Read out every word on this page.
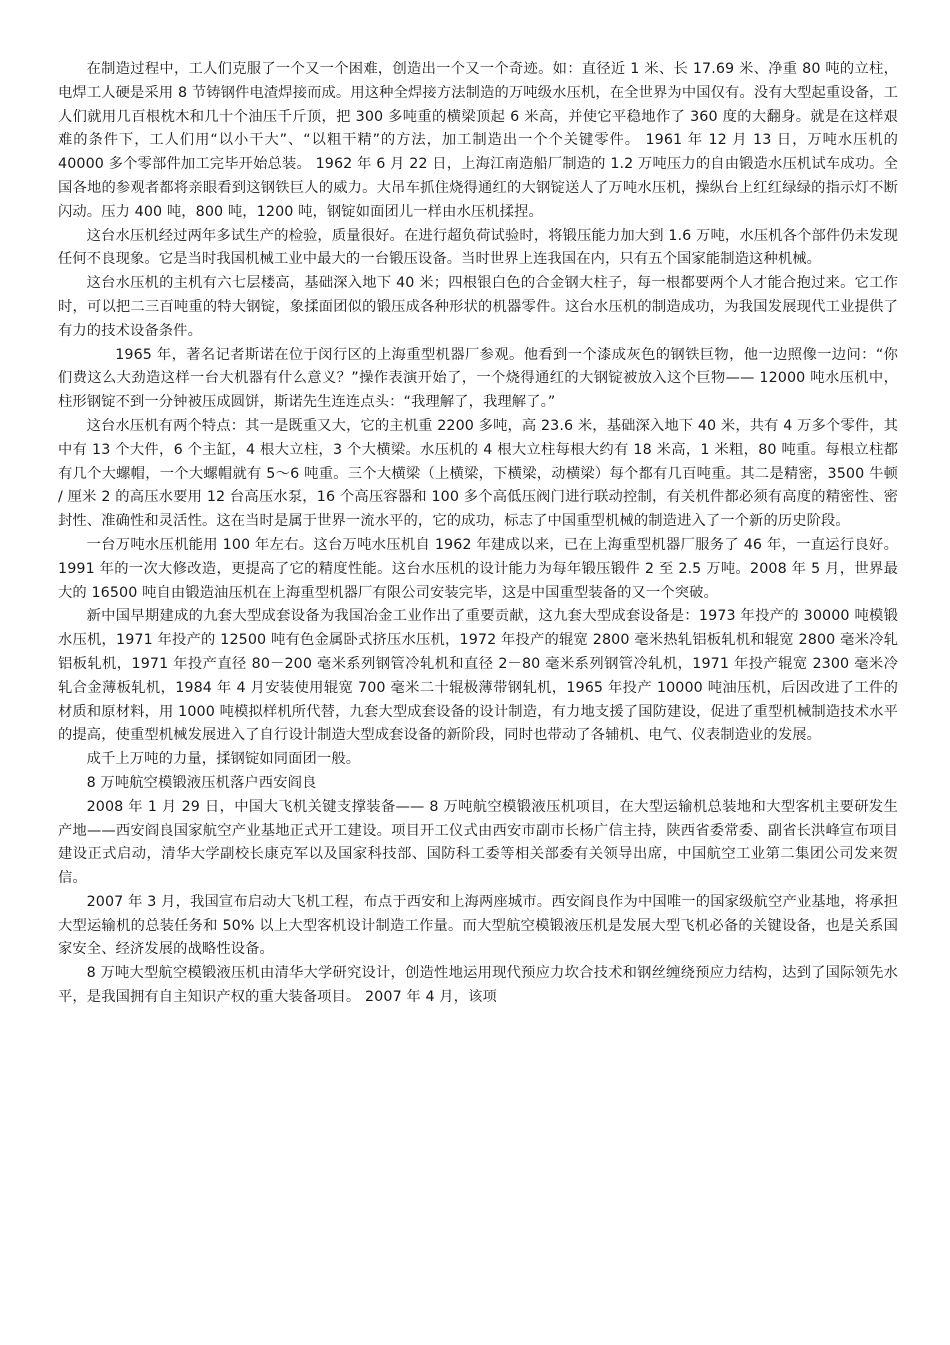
在制造过程中，工人们克服了一个又一个困难，创造出一个又一个奇迹。如：直径近 1 米、长 17.69 米、净重 80 吨的立柱，电焊工人硬是采用 8 节铸钢件电渣焊接而成。用这种全焊接方法制造的万吨级水压机，在全世界为中国仅有。没有大型起重设备，工人们就用几百根枕木和几十个油压千斤顶，把 300 多吨重的横梁顶起 6 米高，并使它平稳地作了 360 度的大翻身。就是在这样艰难的条件下，工人们用“以小干大”、“以粗干精”的方法，加工制造出一个个关键零件。 1961 年 12 月 13 日，万吨水压机的 40000 多个零部件加工完毕开始总装。 1962 年 6 月 22 日，上海江南造船厂制造的 1.2 万吨压力的自由锻造水压机试车成功。全国各地的参观者都将亲眼看到这钢铁巨人的威力。大吊车抓住烧得通红的大钢锭送人了万吨水压机，操纵台上红红绿绿的指示灯不断闪动。压力 400 吨，800 吨，1200 吨，钢锭如面团儿一样由水压机揉捏。

这台水压机经过两年多试生产的检验，质量很好。在进行超负荷试验时，将锻压能力加大到 1.6 万吨，水压机各个部件仍未发现任何不良现象。它是当时我国机械工业中最大的一台锻压设备。当时世界上连我国在内，只有五个国家能制造这种机械。

这台水压机的主机有六七层楼高，基础深入地下 40 米；四根银白色的合金钢大柱子，每一根都要两个人才能合抱过来。它工作时，可以把二三百吨重的特大钢锭，象揉面团似的锻压成各种形状的机器零件。这台水压机的制造成功，为我国发展现代工业提供了有力的技术设备条件。

1965 年，著名记者斯诺在位于闵行区的上海重型机器厂参观。他看到一个漆成灰色的钢铁巨物，他一边照像一边问：“你们费这么大劲造这样一台大机器有什么意义？”操作表演开始了，一个烧得通红的大钢锭被放入这个巨物—— 12000 吨水压机中，柱形钢锭不到一分钟被压成圆饼，斯诺先生连连点头：“我理解了，我理解了。”

这台水压机有两个特点：其一是既重又大，它的主机重 2200 多吨，高 23.6 米，基础深入地下 40 米，共有 4 万多个零件，其中有 13 个大件，6 个主缸，4 根大立柱，3 个大横梁。水压机的 4 根大立柱每根大约有 18 米高，1 米粗，80 吨重。每根立柱都有几个大螺帽，一个大螺帽就有 5～6 吨重。三个大横梁（上横梁，下横梁，动横梁）每个都有几百吨重。其二是精密，3500 牛顿 / 厘米 2 的高压水要用 12 台高压水泵，16 个高压容器和 100 多个高低压阀门进行联动控制，有关机件都必须有高度的精密性、密封性、准确性和灵活性。这在当时是属于世界一流水平的，它的成功，标志了中国重型机械的制造进入了一个新的历史阶段。

一台万吨水压机能用 100 年左右。这台万吨水压机自 1962 年建成以来，已在上海重型机器厂服务了 46 年，一直运行良好。 1991 年的一次大修改造，更提高了它的精度性能。这台水压机的设计能力为每年锻压锻件 2 至 2.5 万吨。2008 年 5 月，世界最大的 16500 吨自由锻造油压机在上海重型机器厂有限公司安装完毕，这是中国重型装备的又一个突破。

新中国早期建成的九套大型成套设备为我国冶金工业作出了重要贡献，这九套大型成套设备是：1973 年投产的 30000 吨模锻水压机，1971 年投产的 12500 吨有色金属卧式挤压水压机，1972 年投产的辊宽 2800 毫米热轧铝板轧机和辊宽 2800 毫米冷轧铝板轧机，1971 年投产直径 80－200 毫米系列钢管冷轧机和直径 2－80 毫米系列钢管冷轧机，1971 年投产辊宽 2300 毫米冷轧合金薄板轧机，1984 年 4 月安装使用辊宽 700 毫米二十辊极薄带钢轧机，1965 年投产 10000 吨油压机，后因改进了工件的材质和原材料，用 1000 吨模拟样机所代替，九套大型成套设备的设计制造，有力地支援了国防建设，促进了重型机械制造技术水平的提高，使重型机械发展进入了自行设计制造大型成套设备的新阶段，同时也带动了各辅机、电气、仪表制造业的发展。

成千上万吨的力量，揉钢锭如同面团一般。

8 万吨航空模锻液压机落户西安阎良

2008 年 1 月 29 日，中国大飞机关键支撑装备—— 8 万吨航空模锻液压机项目，在大型运输机总装地和大型客机主要研发生产地——西安阎良国家航空产业基地正式开工建设。项目开工仪式由西安市副市长杨广信主持，陕西省委常委、副省长洪峰宣布项目建设正式启动，清华大学副校长康克军以及国家科技部、国防科工委等相关部委有关领导出席，中国航空工业第二集团公司发来贺信。

2007 年 3 月，我国宣布启动大飞机工程，布点于西安和上海两座城市。西安阎良作为中国唯一的国家级航空产业基地，将承担大型运输机的总装任务和 50% 以上大型客机设计制造工作量。而大型航空模锻液压机是发展大型飞机必备的关键设备，也是关系国家安全、经济发展的战略性设备。

8 万吨大型航空模锻液压机由清华大学研究设计，创造性地运用现代预应力坎合技术和钢丝缠绕预应力结构，达到了国际领先水平，是我国拥有自主知识产权的重大装备项目。 2007 年 4 月，该项
